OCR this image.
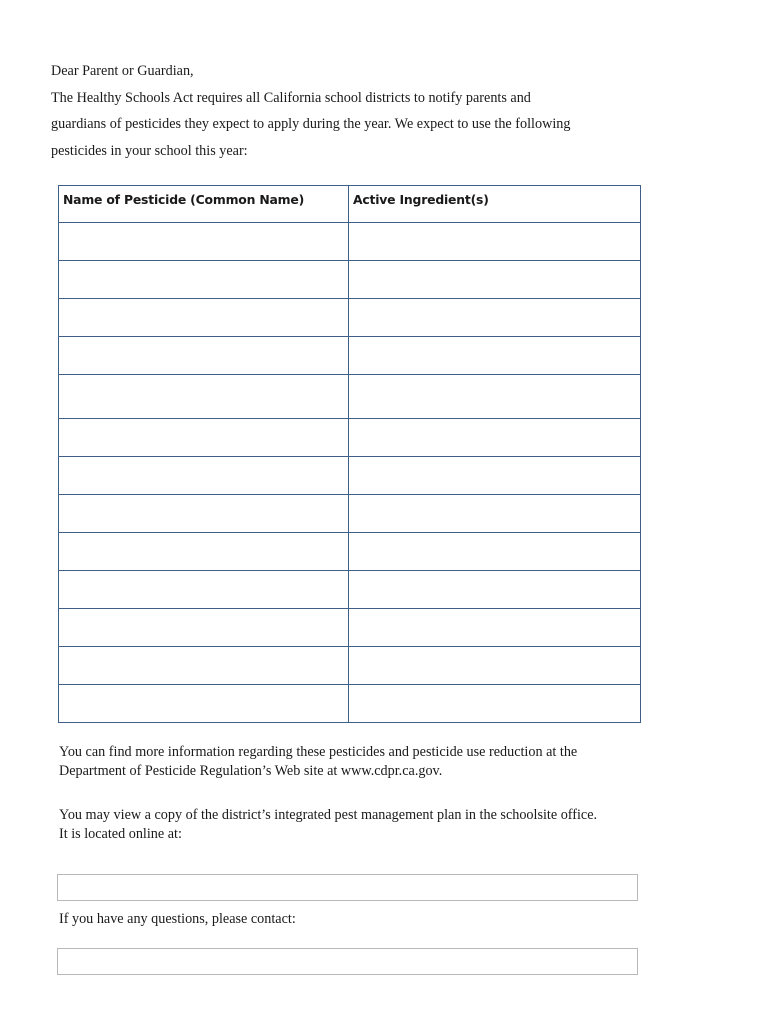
Dear Parent or Guardian,

The Healthy Schools Act requires all California school districts to notify parents and

guardians of pesticides they expect to apply during the year. We expect to use the following

pesticides in your school this year:

Name of Pesticide (Common Name)	Active Ingredient(s)

You can find more information regarding these pesticides and pesticide use reduction at the

Department of Pesticide Regulation’s Web site at www.cdpr.ca.gov.

You may view a copy of the district’s integrated pest management plan in the schoolsite office.

It is located online at:

If you have any questions, please contact:
